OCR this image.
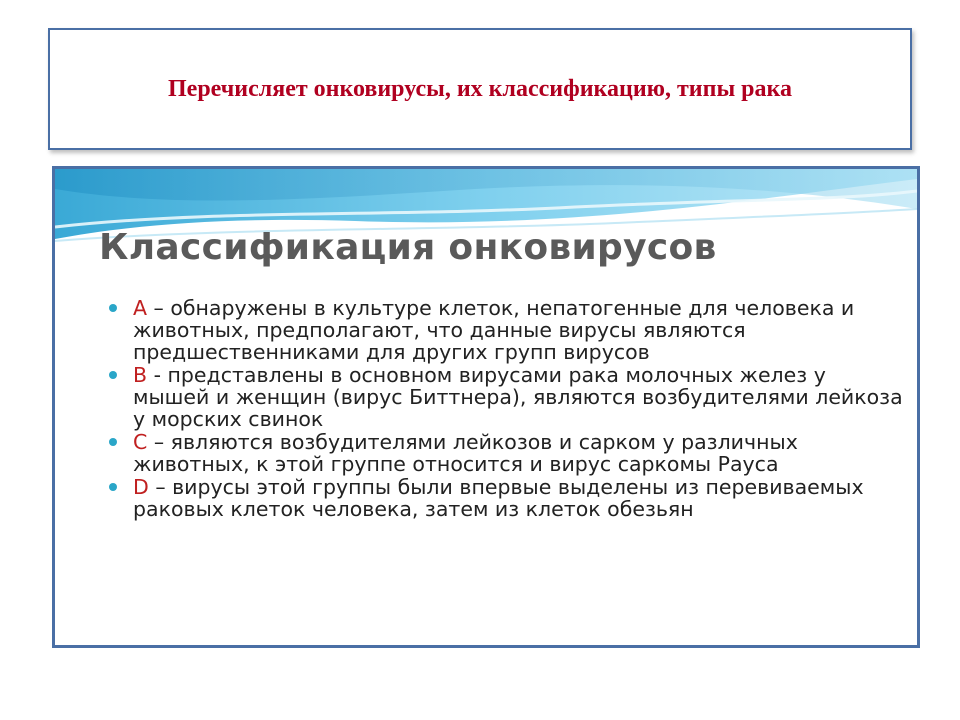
Перечисляет онковирусы, их классификацию, типы рака
Классификация онковирусов
A – обнаружены в культуре клеток, непатогенные для человека и животных, предполагают, что данные вирусы являются предшественниками для других групп вирусов
B - представлены в основном вирусами рака молочных желез у мышей и женщин (вирус Биттнера), являются возбудителями лейкоза у морских свинок
C – являются возбудителями лейкозов и сарком у различных животных, к этой группе относится и вирус саркомы Рауса
D – вирусы этой группы были впервые выделены из перевиваемых раковых клеток человека, затем из клеток обезьян
